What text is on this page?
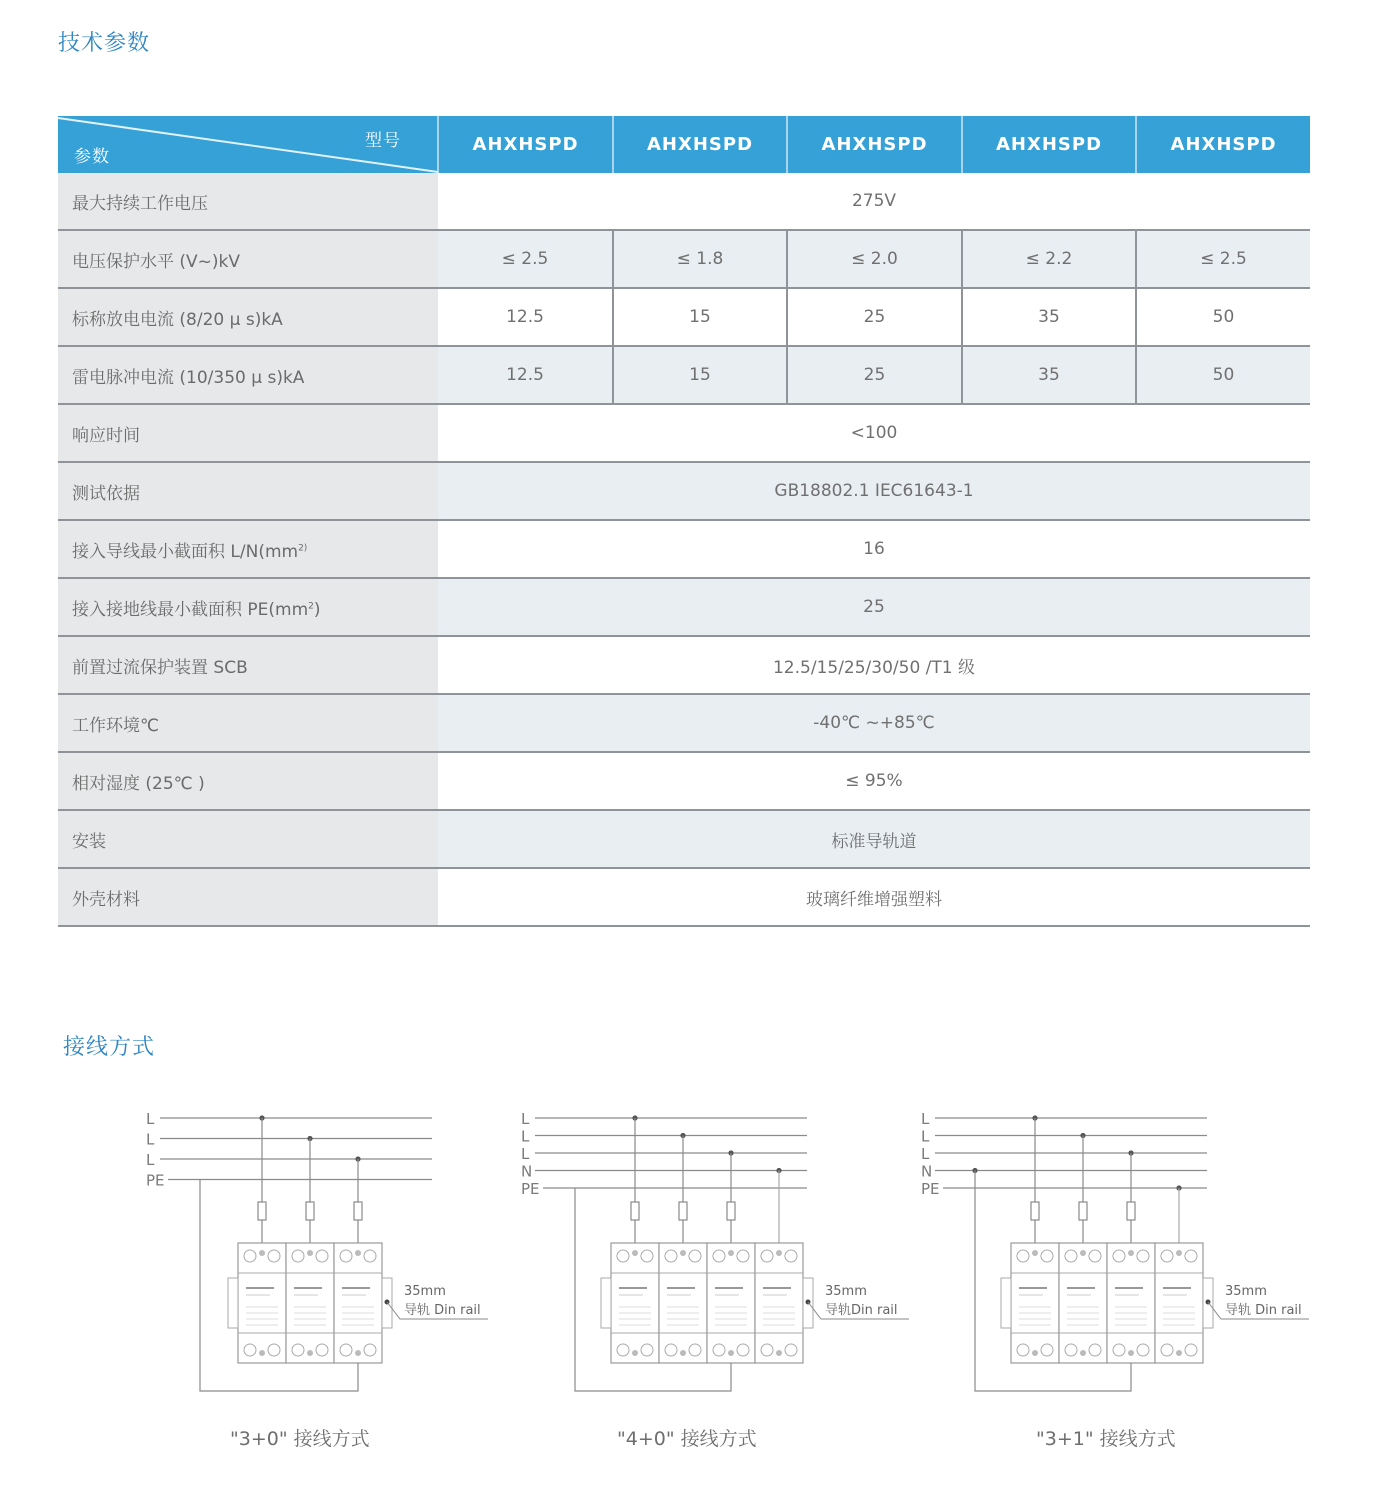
技术参数
型号
参数	AHXHSPD	AHXHSPD	AHXHSPD	AHXHSPD	AHXHSPD
最大持续工作电压	275V				
电压保护水平 (V~)kV	≤ 2.5	≤ 1.8	≤ 2.0	≤ 2.2	≤ 2.5
标称放电电流 (8/20 μ s)kA	12.5	15	25	35	50
雷电脉冲电流 (10/350 μ s)kA	12.5	15	25	35	50
响应时间	<100				
测试依据	GB18802.1 IEC61643-1				
接入导线最小截面积 $L/N(mm^{2)}$	16				
接入接地线最小截面积 $PE(mm^2)$	25				
前置过流保护装置 SCB	12.5/15/25/30/50 /T1 级				
工作环境℃	-40℃ ~+85℃				
相对湿度 (25℃ )	≤ 95%				
安装	标准导轨道				
外壳材料	玻璃纤维增强塑料				
接线方式
L
L
L
PE
35mm
导轨 Din rail
"3+0" 接线方式
L
L
L
N
PE
35mm
导轨Din rail
"4+0" 接线方式
L
L
L
N
PE
35mm
导轨 Din rail
"3+1" 接线方式
